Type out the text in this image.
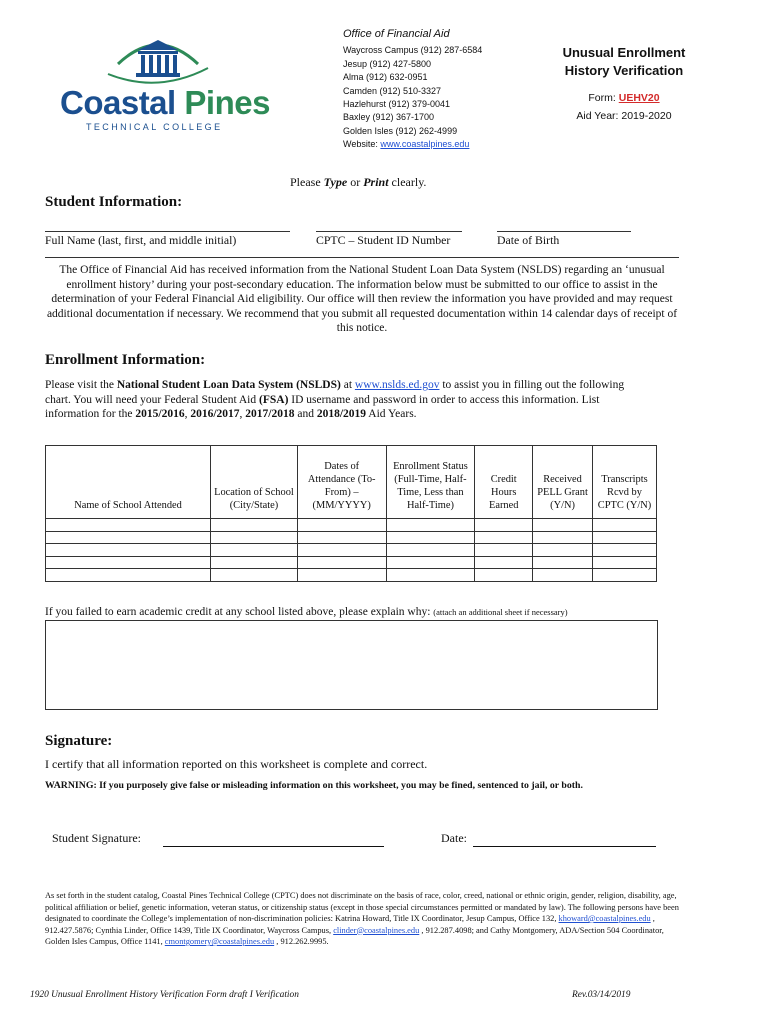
Coastal Pines
TECHNICAL COLLEGE
Office of Financial Aid
Waycross Campus (912) 287-6584
Jesup (912) 427-5800
Alma (912) 632-0951
Camden (912) 510-3327
Hazlehurst (912) 379-0041
Baxley (912) 367-1700
Golden Isles (912) 262-4999
Website: www.coastalpines.edu
Unusual Enrollment
History Verification
Form: UEHV20
Aid Year: 2019-2020
Please Type or Print clearly.
Student Information:
Full Name (last, first, and middle initial)	CPTC – Student ID Number	Date of Birth
The Office of Financial Aid has received information from the National Student Loan Data System (NSLDS) regarding an ‘unusual enrollment history’ during your post-secondary education. The information below must be submitted to our office to assist in the determination of your Federal Financial Aid eligibility. Our office will then review the information you have provided and may request additional documentation if necessary. We recommend that you submit all requested documentation within 14 calendar days of receipt of this notice.
Enrollment Information:
Please visit the National Student Loan Data System (NSLDS) at www.nslds.ed.gov to assist you in filling out the following chart. You will need your Federal Student Aid (FSA) ID username and password in order to access this information. List information for the 2015/2016, 2016/2017, 2017/2018 and 2018/2019 Aid Years.
Name of School Attended	Location of School (City/State)	Dates of Attendance (To-From) – (MM/YYYY)	Enrollment Status (Full-Time, Half-Time, Less than Half-Time)	Credit Hours Earned	Received PELL Grant (Y/N)	Transcripts Rcvd by CPTC (Y/N)

If you failed to earn academic credit at any school listed above, please explain why: (attach an additional sheet if necessary)
Signature:
I certify that all information reported on this worksheet is complete and correct.
WARNING: If you purposely give false or misleading information on this worksheet, you may be fined, sentenced to jail, or both.
Student Signature:	Date:
As set forth in the student catalog, Coastal Pines Technical College (CPTC) does not discriminate on the basis of race, color, creed, national or ethnic origin, gender, religion, disability, age, political affiliation or belief, genetic information, veteran status, or citizenship status (except in those special circumstances permitted or mandated by law). The following persons have been designated to coordinate the College’s implementation of non-discrimination policies: Katrina Howard, Title IX Coordinator, Jesup Campus, Office 132, khoward@coastalpines.edu , 912.427.5876; Cynthia Linder, Office 1439, Title IX Coordinator, Waycross Campus, clinder@coastalpines.edu , 912.287.4098; and Cathy Montgomery, ADA/Section 504 Coordinator, Golden Isles Campus, Office 1141, cmontgomery@coastalpines.edu , 912.262.9995.
1920 Unusual Enrollment History Verification Form draft I Verification	Rev.03/14/2019
